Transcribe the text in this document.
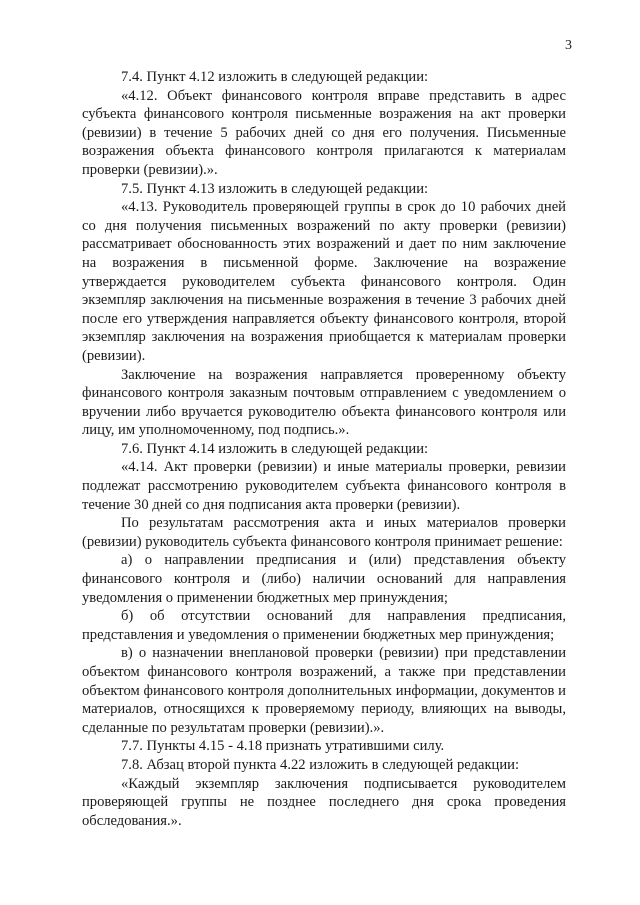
3

7.4. Пункт 4.12 изложить в следующей редакции:

«4.12. Объект финансового контроля вправе представить в адрес субъекта финансового контроля письменные возражения на акт проверки (ревизии) в течение 5 рабочих дней со дня его получения. Письменные возражения объекта финансового контроля прилагаются к материалам проверки (ревизии).».

7.5. Пункт 4.13 изложить в следующей редакции:

«4.13. Руководитель проверяющей группы в срок до 10 рабочих дней со дня получения письменных возражений по акту проверки (ревизии) рассматривает обоснованность этих возражений и дает по ним заключение на возражения в письменной форме. Заключение на возражение утверждается руководителем субъекта финансового контроля. Один экземпляр заключения на письменные возражения в течение 3 рабочих дней после его утверждения направляется объекту финансового контроля, второй экземпляр заключения на возражения приобщается к материалам проверки (ревизии).

Заключение на возражения направляется проверенному объекту финансового контроля заказным почтовым отправлением с уведомлением о вручении либо вручается руководителю объекта финансового контроля или лицу, им уполномоченному, под подпись.».

7.6. Пункт 4.14 изложить в следующей редакции:

«4.14. Акт проверки (ревизии) и иные материалы проверки, ревизии подлежат рассмотрению руководителем субъекта финансового контроля в течение 30 дней со дня подписания акта проверки (ревизии).

По результатам рассмотрения акта и иных материалов проверки (ревизии) руководитель субъекта финансового контроля принимает решение:

а) о направлении предписания и (или) представления объекту финансового контроля и (либо) наличии оснований для направления уведомления о применении бюджетных мер принуждения;

б) об отсутствии оснований для направления предписания, представления и уведомления о применении бюджетных мер принуждения;

в) о назначении внеплановой проверки (ревизии) при представлении объектом финансового контроля возражений, а также при представлении объектом финансового контроля дополнительных информации, документов и материалов, относящихся к проверяемому периоду, влияющих на выводы, сделанные по результатам проверки (ревизии).».

7.7. Пункты 4.15 - 4.18 признать утратившими силу.

7.8. Абзац второй пункта 4.22 изложить в следующей редакции:

«Каждый экземпляр заключения подписывается руководителем проверяющей группы не позднее последнего дня срока проведения обследования.».
